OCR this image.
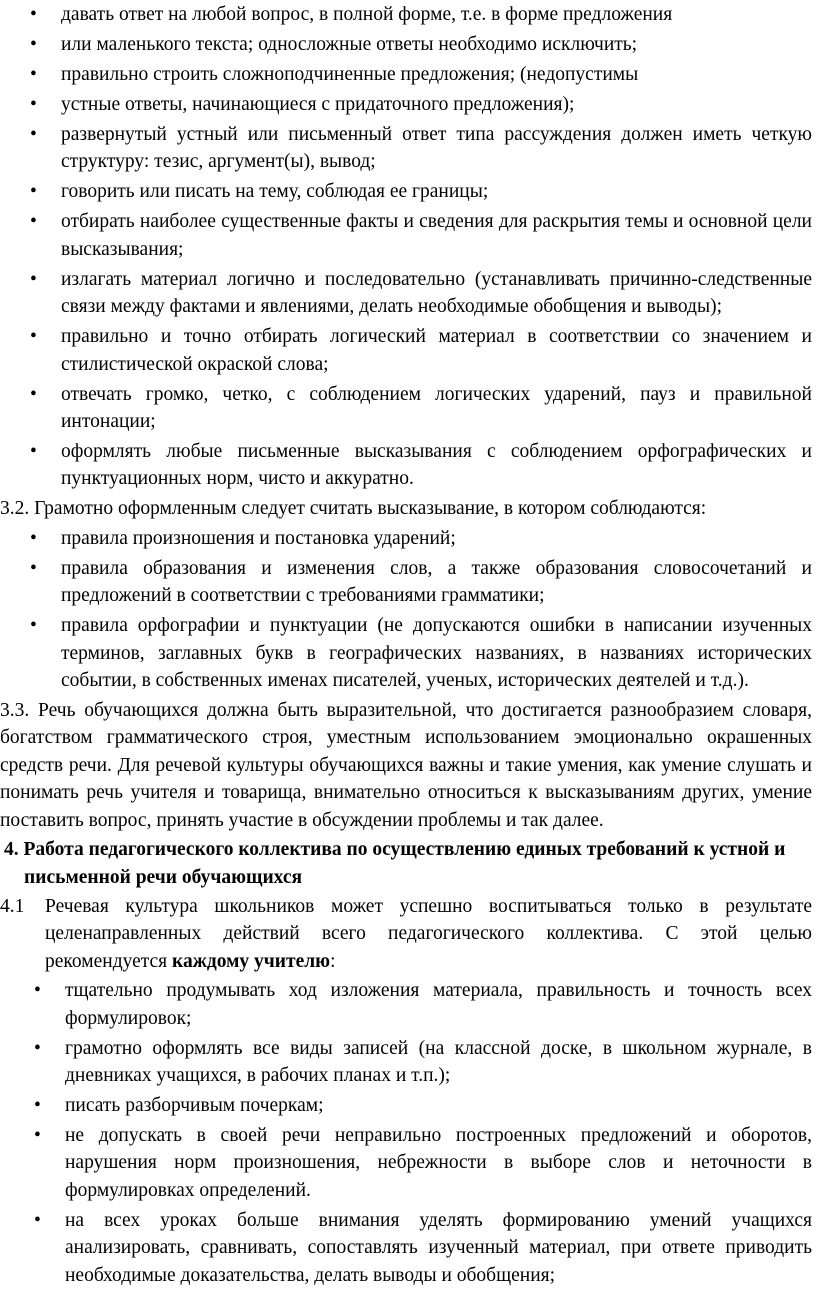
• давать ответ на любой вопрос, в полной форме, т.е. в форме предложения
• или маленького текста; односложные ответы необходимо исключить;
• правильно строить сложноподчиненные предложения; (недопустимы
• устные ответы, начинающиеся с придаточного предложения);
• развернутый устный или письменный ответ типа рассуждения должен иметь четкую структуру: тезис, аргумент(ы), вывод;
• говорить или писать на тему, соблюдая ее границы;
• отбирать наиболее существенные факты и сведения для раскрытия темы и основной цели высказывания;
• излагать материал логично и последовательно (устанавливать причинно-следственные связи между фактами и явлениями, делать необходимые обобщения и выводы);
• правильно и точно отбирать логический материал в соответствии со значением и стилистической окраской слова;
• отвечать громко, четко, с соблюдением логических ударений, пауз и правильной интонации;
• оформлять любые письменные высказывания с соблюдением орфографических и пунктуационных норм, чисто и аккуратно.

3.2. Грамотно оформленным следует считать высказывание, в котором соблюдаются:

• правила произношения и постановка ударений;
• правила образования и изменения слов, а также образования словосочетаний и предложений в соответствии с требованиями грамматики;
• правила орфографии и пунктуации (не допускаются ошибки в написании изученных терминов, заглавных букв в географических названиях, в названиях исторических событии, в собственных именах писателей, ученых, исторических деятелей и т.д.).

3.3. Речь обучающихся должна быть выразительной, что достигается разнообразием словаря, богатством грамматического строя, уместным использованием эмоционально окрашенных средств речи. Для речевой культуры обучающихся важны и такие умения, как умение слушать и понимать речь учителя и товарища, внимательно относиться к высказываниям других, умение поставить вопрос, принять участие в обсуждении проблемы и так далее.

4. Работа педагогического коллектива по осуществлению единых требований к устной и письменной речи обучающихся

4.1 Речевая культура школьников может успешно воспитываться только в результате целенаправленных действий всего педагогического коллектива. С этой целью рекомендуется каждому учителю:

• тщательно продумывать ход изложения материала, правильность и точность всех формулировок;
• грамотно оформлять все виды записей (на классной доске, в школьном журнале, в дневниках учащихся, в рабочих планах и т.п.);
• писать разборчивым почеркам;
• не допускать в своей речи неправильно построенных предложений и оборотов, нарушения норм произношения, небрежности в выборе слов и неточности в формулировках определений.
• на всех уроках больше внимания уделять формированию умений учащихся анализировать, сравнивать, сопоставлять изученный материал, при ответе приводить необходимые доказательства, делать выводы и обобщения;
